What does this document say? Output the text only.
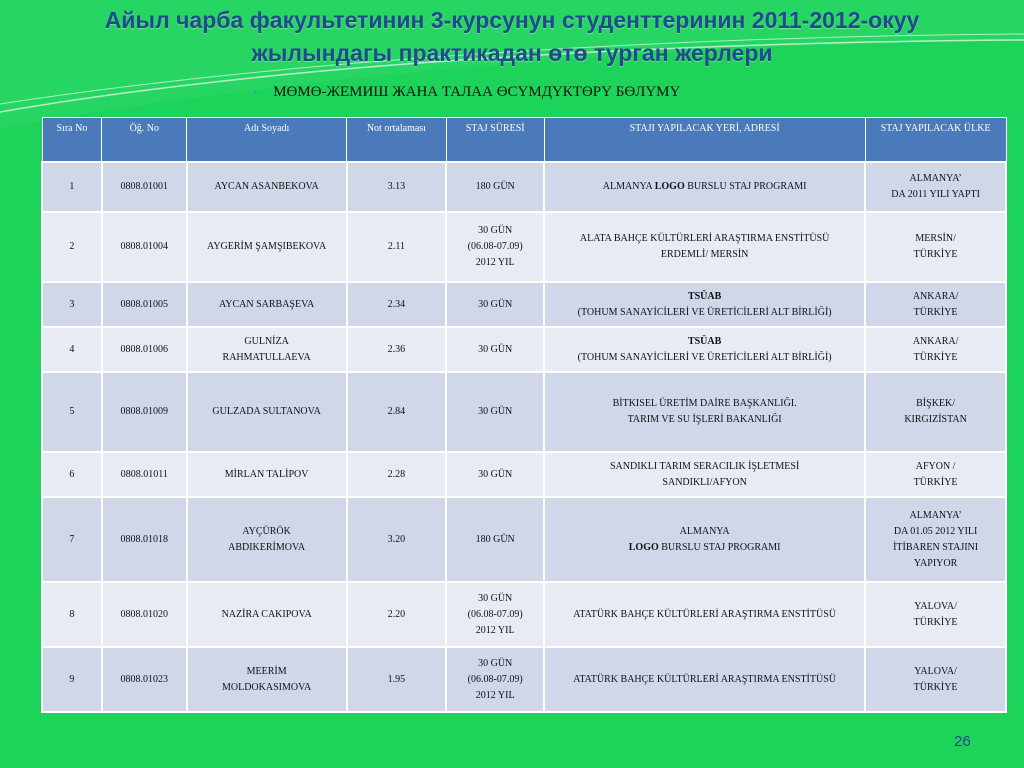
Айыл чарба факультетинин 3-курсунун студенттеринин 2011-2012-окуу
жылындагы практикадан өтө турган жерлери
• МӨМӨ-ЖЕМИШ ЖАНА ТАЛАА ӨСҮМДҮКТӨРҮ БӨЛҮМҮ
Sıra No	Öğ. No	Adı Soyadı	Not ortalaması	STAJ SÜRESİ	STAJI YAPILACAK YERİ, ADRESİ	STAJ YAPILACAK ÜLKE
1	0808.01001	AYCAN ASANBEKOVA	3.13	180 GÜN	ALMANYA LOGO BURSLU STAJ PROGRAMI	ALMANYA’
DA 2011 YILI YAPTI
2	0808.01004	AYGERİM ŞAMŞIBEKOVA	2.11	30 GÜN
(06.08-07.09)
2012 YIL	ALATA BAHÇE KÜLTÜRLERİ ARAŞTIRMA ENSTİTÜSÜ
ERDEMLİ/ MERSİN	MERSİN/
TÜRKİYE
3	0808.01005	AYCAN SARBAŞEVA	2.34	30 GÜN	TSÜAB
(TOHUM SANAYİCİLERİ VE ÜRETİCİLERİ ALT BİRLİĞİ)	ANKARA/
TÜRKİYE
4	0808.01006	GULNİZA
RAHMATULLAEVA	2.36	30 GÜN	TSÜAB
(TOHUM SANAYİCİLERİ VE ÜRETİCİLERİ ALT BİRLİĞİ)	ANKARA/
TÜRKİYE
5	0808.01009	GULZADA SULTANOVA	2.84	30 GÜN	BİTKISEL ÜRETİM DAİRE BAŞKANLIĞI.
TARIM VE SU İŞLERİ BAKANLIĞI	BİŞKEK/
KIRGIZİSTAN
6	0808.01011	MİRLAN TALİPOV	2.28	30 GÜN	SANDIKLI TARIM SERACILIK İŞLETMESİ
SANDIKLI/AFYON	AFYON /
TÜRKİYE
7	0808.01018	AYÇÜRÖK
ABDIKERİMOVA	3.20	180 GÜN	ALMANYA
LOGO BURSLU STAJ PROGRAMI	ALMANYA’
DA 01.05 2012 YILI
İTİBAREN STAJINI
YAPIYOR
8	0808.01020	NAZİRA CAKIPOVA	2.20	30 GÜN
(06.08-07.09)
2012 YIL	ATATÜRK BAHÇE KÜLTÜRLERİ ARAŞTIRMA ENSTİTÜSÜ	YALOVA/
TÜRKİYE
9	0808.01023	MEERİM
MOLDOKASIMOVA	1.95	30 GÜN
(06.08-07.09)
2012 YIL	ATATÜRK BAHÇE KÜLTÜRLERİ ARAŞTIRMA ENSTİTÜSÜ	YALOVA/
TÜRKİYE
26
